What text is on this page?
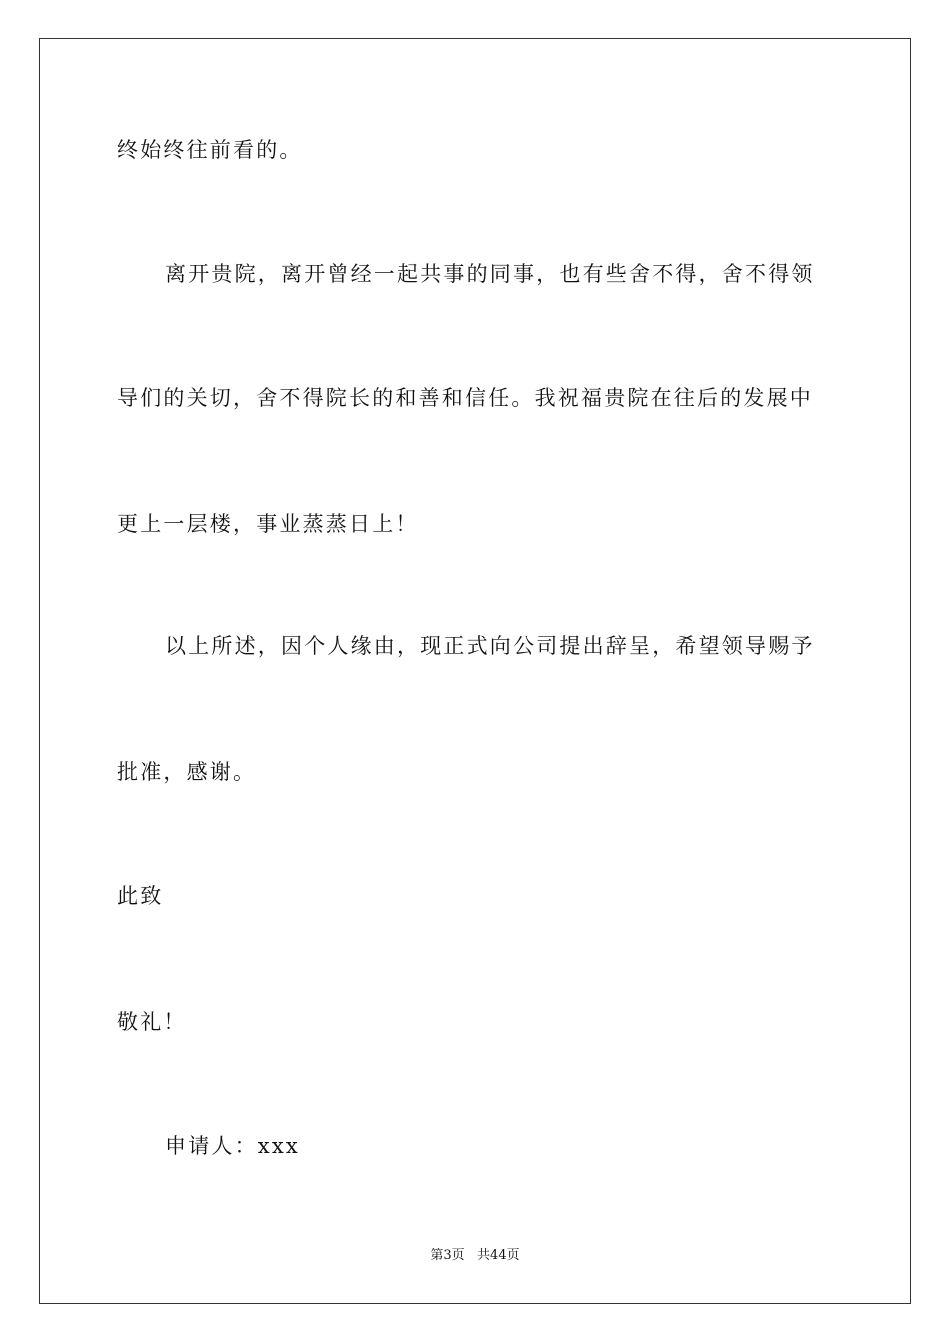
终始终往前看的。
离开贵院，离开曾经一起共事的同事，也有些舍不得，舍不得领
导们的关切，舍不得院长的和善和信任。我祝福贵院在往后的发展中
更上一层楼，事业蒸蒸日上！
以上所述，因个人缘由，现正式向公司提出辞呈，希望领导赐予
批准，感谢。
此致
敬礼！
申请人：xxx
第3页   共44页
